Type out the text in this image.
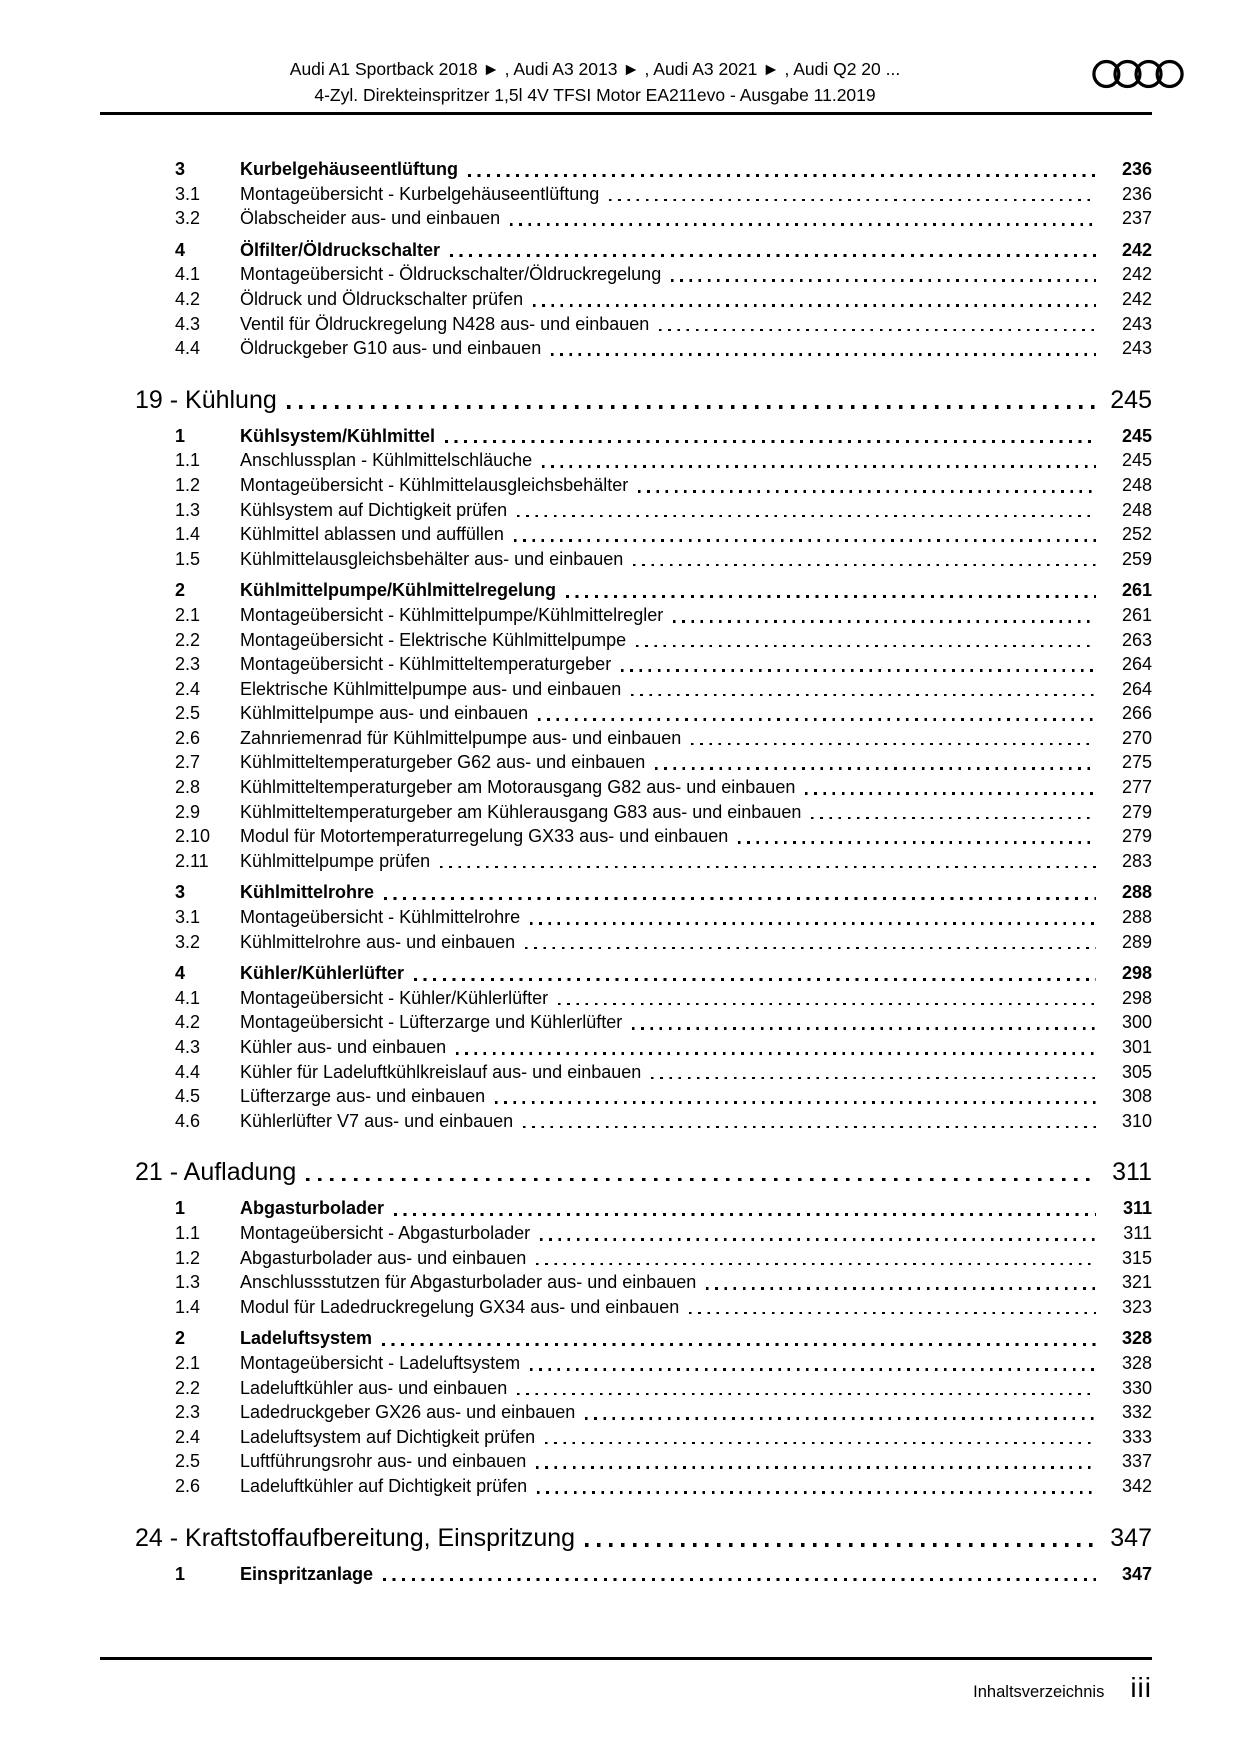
Audi A1 Sportback 2018 ► , Audi A3 2013 ► , Audi A3 2021 ► , Audi Q2 20 ...
4-Zyl. Direkteinspritzer 1,5l 4V TFSI Motor EA211evo - Ausgabe 11.2019
3	Kurbelgehäuseentlüftung	236
3.1	Montageübersicht - Kurbelgehäuseentlüftung	236
3.2	Ölabscheider aus- und einbauen	237
4	Ölfilter/Öldruckschalter	242
4.1	Montageübersicht - Öldruckschalter/Öldruckregelung	242
4.2	Öldruck und Öldruckschalter prüfen	242
4.3	Ventil für Öldruckregelung N428 aus- und einbauen	243
4.4	Öldruckgeber G10 aus- und einbauen	243
19 - Kühlung	245
1	Kühlsystem/Kühlmittel	245
1.1	Anschlussplan - Kühlmittelschläuche	245
1.2	Montageübersicht - Kühlmittelausgleichsbehälter	248
1.3	Kühlsystem auf Dichtigkeit prüfen	248
1.4	Kühlmittel ablassen und auffüllen	252
1.5	Kühlmittelausgleichsbehälter aus- und einbauen	259
2	Kühlmittelpumpe/Kühlmittelregelung	261
2.1	Montageübersicht - Kühlmittelpumpe/Kühlmittelregler	261
2.2	Montageübersicht - Elektrische Kühlmittelpumpe	263
2.3	Montageübersicht - Kühlmitteltemperaturgeber	264
2.4	Elektrische Kühlmittelpumpe aus- und einbauen	264
2.5	Kühlmittelpumpe aus- und einbauen	266
2.6	Zahnriemenrad für Kühlmittelpumpe aus- und einbauen	270
2.7	Kühlmitteltemperaturgeber G62 aus- und einbauen	275
2.8	Kühlmitteltemperaturgeber am Motorausgang G82 aus- und einbauen	277
2.9	Kühlmitteltemperaturgeber am Kühlerausgang G83 aus- und einbauen	279
2.10	Modul für Motortemperaturregelung GX33 aus- und einbauen	279
2.11	Kühlmittelpumpe prüfen	283
3	Kühlmittelrohre	288
3.1	Montageübersicht - Kühlmittelrohre	288
3.2	Kühlmittelrohre aus- und einbauen	289
4	Kühler/Kühlerlüfter	298
4.1	Montageübersicht - Kühler/Kühlerlüfter	298
4.2	Montageübersicht - Lüfterzarge und Kühlerlüfter	300
4.3	Kühler aus- und einbauen	301
4.4	Kühler für Ladeluftkühlkreislauf aus- und einbauen	305
4.5	Lüfterzarge aus- und einbauen	308
4.6	Kühlerlüfter V7 aus- und einbauen	310
21 - Aufladung	311
1	Abgasturbolader	311
1.1	Montageübersicht - Abgasturbolader	311
1.2	Abgasturbolader aus- und einbauen	315
1.3	Anschlussstutzen für Abgasturbolader aus- und einbauen	321
1.4	Modul für Ladedruckregelung GX34 aus- und einbauen	323
2	Ladeluftsystem	328
2.1	Montageübersicht - Ladeluftsystem	328
2.2	Ladeluftkühler aus- und einbauen	330
2.3	Ladedruckgeber GX26 aus- und einbauen	332
2.4	Ladeluftsystem auf Dichtigkeit prüfen	333
2.5	Luftführungsrohr aus- und einbauen	337
2.6	Ladeluftkühler auf Dichtigkeit prüfen	342
24 - Kraftstoffaufbereitung, Einspritzung	347
1	Einspritzanlage	347
Inhaltsverzeichnis iii
